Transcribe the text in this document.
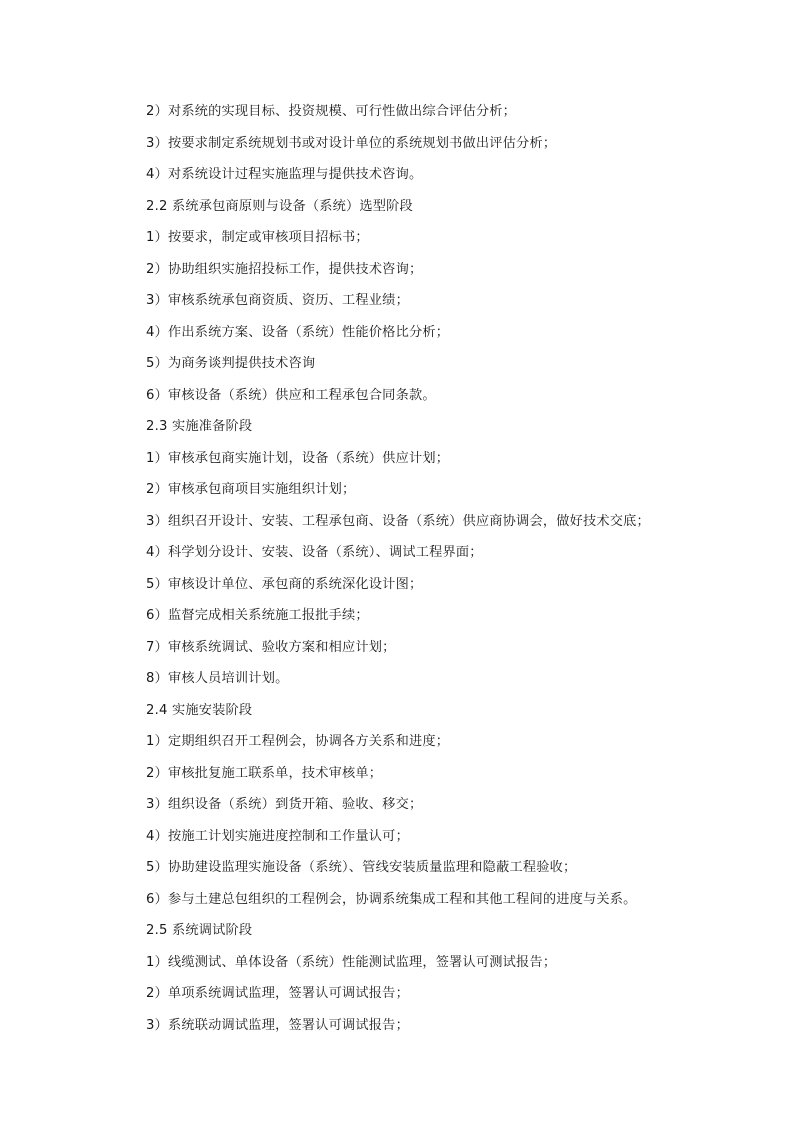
2）对系统的实现目标、投资规模、可行性做出综合评估分析；
3）按要求制定系统规划书或对设计单位的系统规划书做出评估分析；
4）对系统设计过程实施监理与提供技术咨询。
2.2 系统承包商原则与设备（系统）选型阶段
1）按要求，制定或审核项目招标书；
2）协助组织实施招投标工作，提供技术咨询；
3）审核系统承包商资质、资历、工程业绩；
4）作出系统方案、设备（系统）性能价格比分析；
5）为商务谈判提供技术咨询
6）审核设备（系统）供应和工程承包合同条款。
2.3 实施准备阶段
1）审核承包商实施计划，设备（系统）供应计划；
2）审核承包商项目实施组织计划；
3）组织召开设计、安装、工程承包商、设备（系统）供应商协调会，做好技术交底；
4）科学划分设计、安装、设备（系统）、调试工程界面；
5）审核设计单位、承包商的系统深化设计图；
6）监督完成相关系统施工报批手续；
7）审核系统调试、验收方案和相应计划；
8）审核人员培训计划。
2.4 实施安装阶段
1）定期组织召开工程例会，协调各方关系和进度；
2）审核批复施工联系单，技术审核单；
3）组织设备（系统）到货开箱、验收、移交；
4）按施工计划实施进度控制和工作量认可；
5）协助建设监理实施设备（系统）、管线安装质量监理和隐蔽工程验收；
6）参与土建总包组织的工程例会，协调系统集成工程和其他工程间的进度与关系。
2.5 系统调试阶段
1）线缆测试、单体设备（系统）性能测试监理，签署认可测试报告；
2）单项系统调试监理，签署认可调试报告；
3）系统联动调试监理，签署认可调试报告；
